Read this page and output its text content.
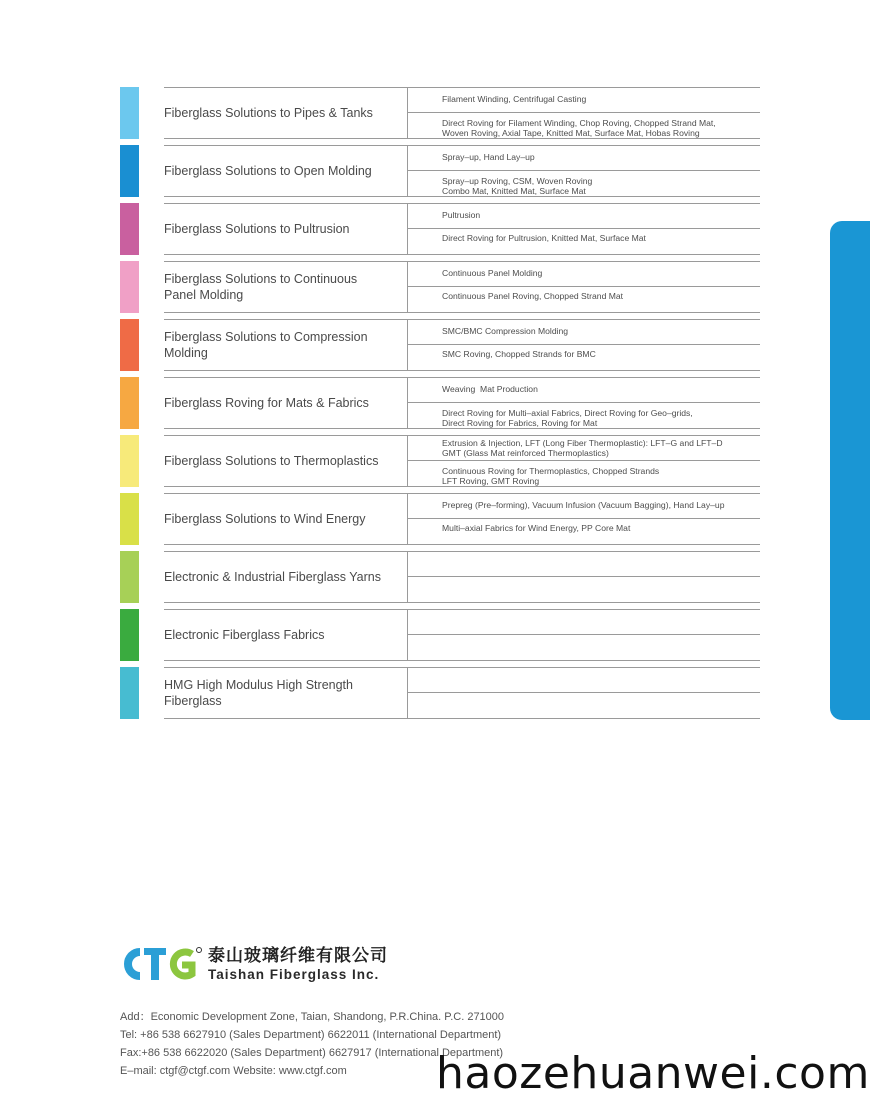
Fiberglass Solutions to Pipes & Tanks
Filament Winding, Centrifugal Casting
Direct Roving for Filament Winding, Chop Roving, Chopped Strand Mat,
Woven Roving, Axial Tape, Knitted Mat, Surface Mat, Hobas Roving
Fiberglass Solutions to Open Molding
Spray–up, Hand Lay–up
Spray–up Roving, CSM, Woven Roving
Combo Mat, Knitted Mat, Surface Mat
Fiberglass Solutions to Pultrusion
Pultrusion
Direct Roving for Pultrusion, Knitted Mat, Surface Mat
Fiberglass Solutions to Continuous
Panel Molding
Continuous Panel Molding
Continuous Panel Roving, Chopped Strand Mat
Fiberglass Solutions to Compression
Molding
SMC/BMC Compression Molding
SMC Roving, Chopped Strands for BMC
Fiberglass Roving for Mats & Fabrics
Weaving  Mat Production
Direct Roving for Multi–axial Fabrics, Direct Roving for Geo–grids,
Direct Roving for Fabrics, Roving for Mat
Fiberglass Solutions to Thermoplastics
Extrusion & Injection, LFT (Long Fiber Thermoplastic): LFT–G and LFT–D
GMT (Glass Mat reinforced Thermoplastics)
Continuous Roving for Thermoplastics, Chopped Strands
LFT Roving, GMT Roving
Fiberglass Solutions to Wind Energy
Prepreg (Pre–forming), Vacuum Infusion (Vacuum Bagging), Hand Lay–up
Multi–axial Fabrics for Wind Energy, PP Core Mat
Electronic & Industrial Fiberglass Yarns
Electronic Fiberglass Fabrics
HMG High Modulus High Strength
Fiberglass
泰山玻璃纤维有限公司
Taishan Fiberglass Inc.
Add：Economic Development Zone, Taian, Shandong, P.R.China. P.C. 271000
Tel: +86 538 6627910 (Sales Department) 6622011 (International Department)
Fax:+86 538 6622020 (Sales Department) 6627917 (International Department)
E–mail: ctgf@ctgf.com Website: www.ctgf.com	haozehuanwei.com
